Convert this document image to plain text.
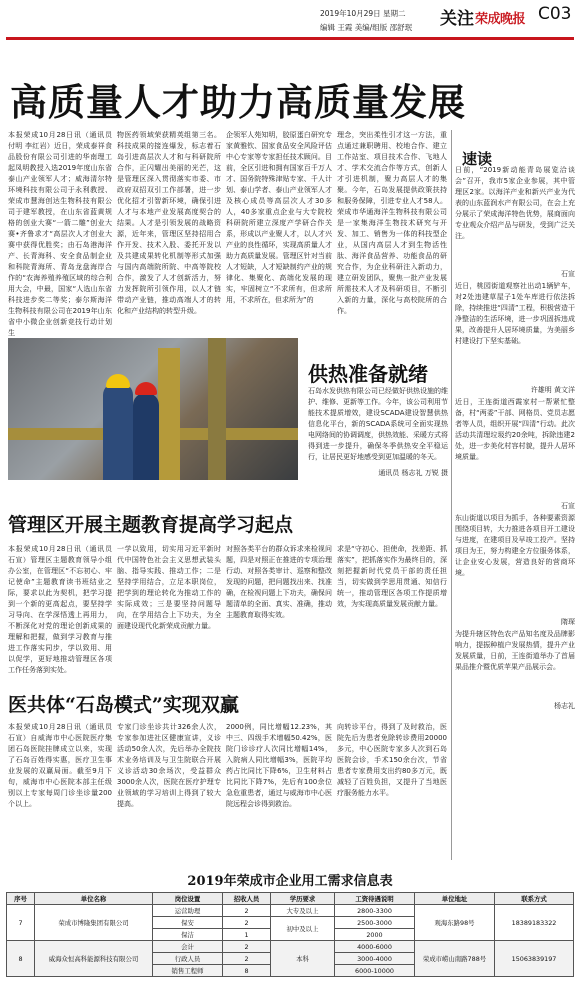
2019年10月29日 星期二
编辑 王霞 美编/组版 邵舒珉 关注 荣成晚报 C03
高质量人才助力高质量发展
本报荣成10月28日讯（通讯员 付明 李红岩）近日，荣成泰祥食品股份有限公司引进的华南理工起凤明教授入选2019年度山东省泰山产业领军人才；威海清尔特环境科技有限公司于永利教授、荣成市慧海创达生物科技有限公司于建军教授，在山东省蓝黄规格的创业大赛“一箭二雕”创业大赛•齐鲁求才“高层次人才创业大赛中获得优胜奖；由石岛港海洋产、长青海科、安全食品制企业和科院青海所、青岛龙盘海岸合作的“农海养殖养殖区域的综合利用大会，中最，国家“人选山东省科技进步奖二等奖；泰尔斯海洋生物科技有限公司在2019年山东省中小微企业创新竞技行动计划生
物医药领域荣获精英组第三名。科技成果的接连爆发，标志着石岛引进高层次人才和与科研院所合作，正闪耀出美丽的光芒，这是管理区深入贯彻落实市委、市政府双招双引工作部署，进一步优化招才引智新环境，确保引进人才与本地产业发展高度契合的结果。人才是引领发展的战略资源，近年来，管理区坚持招用合作开发、技术入股、委托开发以及共建成果转化机制等形式加强与国内高端院所院、中高等院校合作，激发了人才创新活力，努力发挥院所引领作用，以人才链带动产业链，推动高端人才的转化和产业结构的转型升级。
企领军人苑知明，胶原蛋白研究专家黄雅钦、国家食品安全风险评估中心专家等专家担任技术顾问。目前，全区引进和拥有国家百千万人才、国务院特殊津贴专家、千人计划、泰山学者、泰山产业领军人才及核心成员等高层次人才30多人，40多家重点企业与大专院校科研院所建立深度产学研合作关系，形成以产业聚人才，以人才兴产业的良性循环，实现高质量人才助力高质量发展。管理区针对当前人才短缺，人才短缺制约产业的规律化、集聚化、高端化发展的现实，牢固树立“不求所有，但求所用，不求所在，但求所为”的
理念，突出柔性引才这一方法，重点通过兼职聘用、校地合作、建立工作站室、项目技术合作、飞地人才、学术交流合作等方式，创新人才引进机制，聚力高层人才的集聚。今年，石岛发展提供政策扶持和服务保障，引进专业人才58人。荣成市华通海洋生物科技有限公司是一家集海洋生物技术研究与开发、加工、销售为一体的科技型企业，从国内高层人才到生物活性肽、海洋食品营养、功能食品的研究合作，为企业科研注入新动力，建立研发团队，聚焦一批产业发展所需技术人才及科研项目，不断引入新的力量，深化与高校院所的合作。
供热准备就绪
石岛水发供热有限公司已经做好供热设施的维护、维修、更新等工作。今年，该公司利用节能技术提质增效，建设SCADA建设智慧供热信息化平台，新的SCADA系统可全面实现热电网络间的协调调度，供热效能、采暖方式将得到进一步提升，确保冬季供热安全平稳运行，让居民更好地感受到更加温暖的冬天。
通讯员 杨志礼 万锐 摄
管理区开展主题教育提高学习起点
本报荣成10月28日讯（通讯员 石宣）管理区主题教育领导小组办公室，在管理区“不忘初心、牢记使命”主题教育读书班结业之际，要求以此为契机，把学习提到一个新的更高起点，要坚持学习导向、在学深悟透上再用力，不断深化对党的理论创新成果的理解和把握，做到学习教育与推进工作落实同步，学以致用、用以促学，更好地推动管理区各项工作任务落到实处。
一学以致用，切实用习近平新时代中国特色社会主义思想武装头脑、指导实践、推动工作；二是坚持学用结合，立足本职岗位，把学到的理论转化为推动工作的实际成效；三是要坚持问题导向，在学用结合上下功夫，为全面建设现代化新荣成贡献力量。
对照各类平台的群众诉求来检视问题，四是对照正在推进的专项治理行动、对照各类审计、巡察和整改发现的问题，把问题找出来、找准确，在检视问题上下功夫，确保问题清单的全面、真实、准确，推动主题教育取得实效。
求是“守初心、担使命，找差距、抓落实”，把抓落实作为最终目的，深刻把握新时代党员干部的责任担当，切实做到学思用贯通、知信行统一，推动管理区各项工作提质增效，为实现高质量发展贡献力量。
医共体“石岛模式”实现双赢
本报荣成10月28日讯（通讯员 石宣）自威海市中心医院医疗集团石岛医院挂牌成立以来，实现了石岛百姓得实惠，医疗卫生事业发展的双赢局面。截至9月下旬，威海市中心医院本部主任级别以上专家每周门诊坐诊量200个以上。
专家门诊坐诊共计326余人次，专家参加进社区健康宣讲，义诊活动50余人次，先后举办全院技术业务培训及与卫生院联合开展义诊活动30余场次，受益群众3000余人次，医院在医疗护理专业领域的学习培训上得到了较大提高。
2000例，同比增幅12.23%，其中三、四级手术增幅50.42%，医院门诊诊疗人次同比增幅14%，入院病人同比增幅3%，医院平均药占比同比下降6%，卫生材料占比同比下降7%，先后有100余位急危重患者，通过与威海市中心医院远程会诊得到救治。
向转诊平台，得到了及时救治，医院先后为患者免除转诊费用20000多元，中心医院专家多人次到石岛医院会诊，手术150余台次，节省患者专家费用支出约80多万元，既减轻了百姓负担，又提升了当地医疗服务能力水平。
速读
日前，“2019新动能青岛展览洽谈会”召开，我市5家企业参展，其中管理区2家。以海洋产业和新兴产业为代表的山东蓝润水产有限公司，在会上充分展示了荣成海洋特色优势，展商面向专业观众介绍产品与研发，受到广泛关注。
石宣
近日，桃园街道观察社出动1辆铲车，对2处违建草屋子1处车库进行依法拆除，持续推进“四清”工程，积极营造干净整洁的生活环境，进一步巩固拆违成果，改善提升人居环境质量，为美丽乡村建设打下坚实基础。
许雄明 黄文洋
近日，王连街道西霞家村一帮紧忙整备，村“两委”干部、网格员、党员志愿者等人员，组织开展“四清”行动。此次活动共清理垃圾约20余吨，拆除违建2处，进一步美化村容村貌，提升人居环境质量。
石宣
东山街道以项目为抓手，各种要素资源围绕项目转，大力推进各项目开工建设与进度，在建项目及早竣工投产。坚持项目为王，努力构建全方位服务体系，让企业安心发展，营造良好的营商环境。
隋琛
为提升辖区特色农产品知名度及品牌影响力，提振种植户发展热情，提升产业发展质量，日前，王连街道举办了首届果品推介暨优质苹果产品展示会。
杨志礼
2019年荣成市企业用工需求信息表
序号	单位名称	岗位设置	招收人员	学历要求	工资待遇说明	单位地址	联系方式
7	荣成市博隆集团有限公司	运营助理	2	大专及以上	2800-3300	观海东路98号	18389183322
		保安	2	初中及以上	2500-3000		
		保洁	1		2000		
8	威海众恒高科能源科技有限公司	会计	2	本科	4000-6000	荣成市崂山南路788号	15063839197
		行政人员	2		3000-4000		
		销售工程师	8		6000-10000		
